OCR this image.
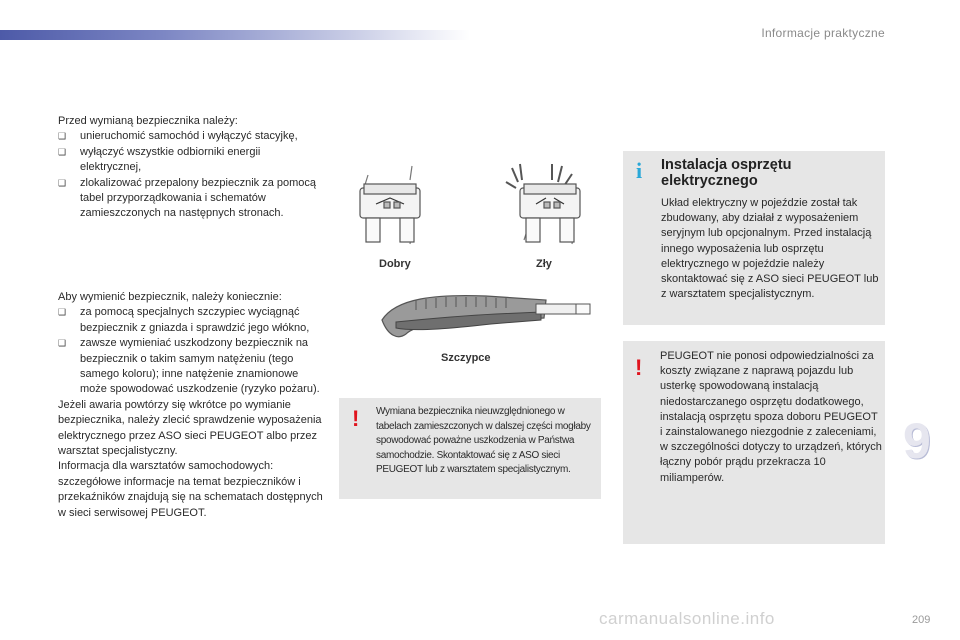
Informacje praktyczne

Przed wymianą bezpiecznika należy:

❑ unieruchomić samochód i wyłączyć stacyjkę,
❑ wyłączyć wszystkie odbiorniki energii elektrycznej,
❑ zlokalizować przepalony bezpiecznik za pomocą tabel przyporządkowania i schematów zamieszczonych na następnych stronach.

Aby wymienić bezpiecznik, należy koniecznie:

❑ za pomocą specjalnych szczypiec wyciągnąć bezpiecznik z gniazda i sprawdzić jego włókno,
❑ zawsze wymieniać uszkodzony bezpiecznik na bezpiecznik o takim samym natężeniu (tego samego koloru); inne natężenie znamionowe może spowodować uszkodzenie (ryzyko pożaru).

Jeżeli awaria powtórzy się wkrótce po wymianie bezpiecznika, należy zlecić sprawdzenie wyposażenia elektrycznego przez ASO sieci PEUGEOT albo przez warsztat specjalistyczny.

Informacja dla warsztatów samochodowych: szczegółowe informacje na temat bezpieczników i przekaźników znajdują się na schematach dostępnych w sieci serwisowej PEUGEOT.

Dobry	Zły
Szczypce
! Wymiana bezpiecznika nieuwzględnionego w tabelach zamieszczonych w dalszej części mogłaby spowodować poważne uszkodzenia w Państwa samochodzie. Skontaktować się z ASO sieci PEUGEOT lub z warsztatem specjalistycznym.
i Instalacja osprzętu elektrycznego
Układ elektryczny w pojeździe został tak zbudowany, aby działał z wyposażeniem seryjnym lub opcjonalnym. Przed instalacją innego wyposażenia lub osprzętu elektrycznego w pojeździe należy skontaktować się z ASO sieci PEUGEOT lub z warsztatem specjalistycznym.
! PEUGEOT nie ponosi odpowiedzialności za koszty związane z naprawą pojazdu lub usterkę spowodowaną instalacją niedostarczanego osprzętu dodatkowego, instalacją osprzętu spoza doboru PEUGEOT i zainstalowanego niezgodnie z zaleceniami, w szczególności dotyczy to urządzeń, których łączny pobór prądu przekracza 10 miliamperów.
9
carmanualsonline.info	209
